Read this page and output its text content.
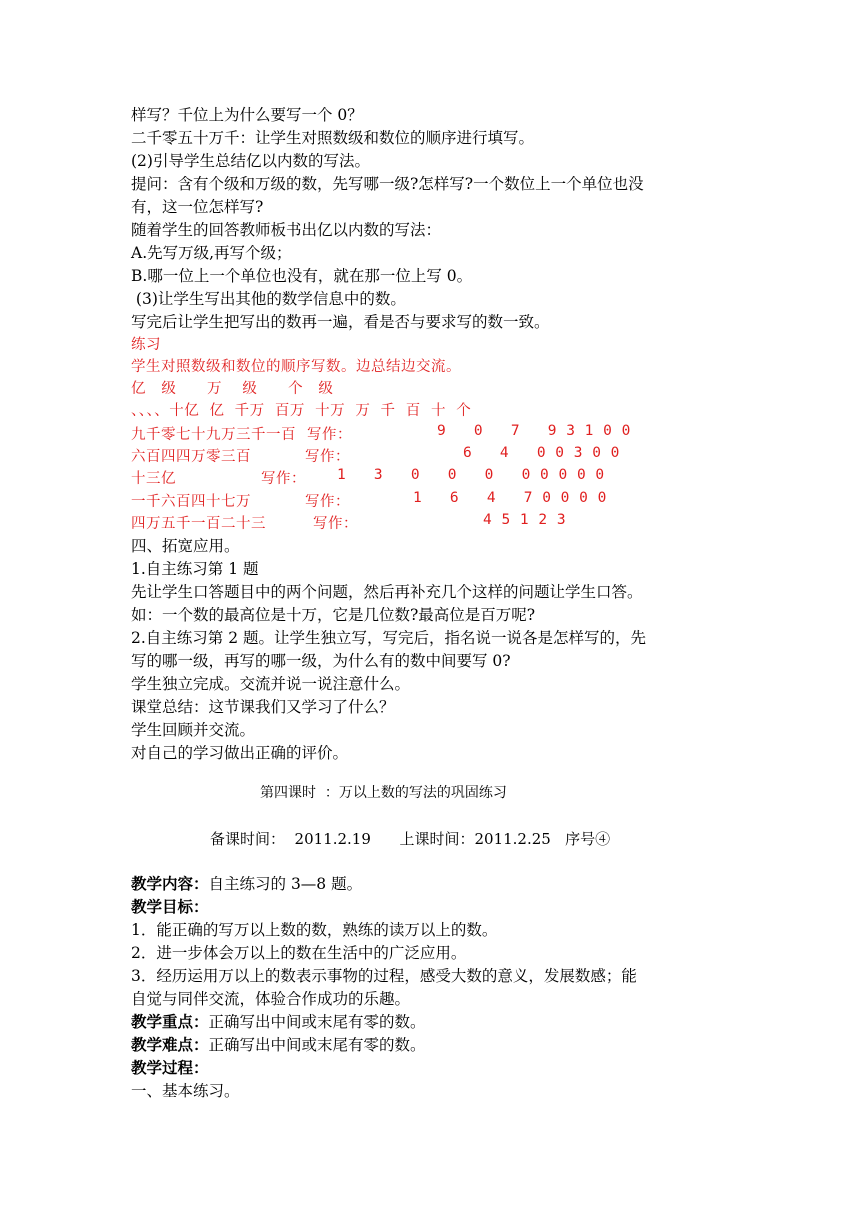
样写？千位上为什么要写一个 0？
二千零五十万千：让学生对照数级和数位的顺序进行填写。
(2)引导学生总结亿以内数的写法。
提问：含有个级和万级的数，先写哪一级?怎样写?一个数位上一个单位也没
有，这一位怎样写?
随着学生的回答教师板书出亿以内数的写法：
A.先写万级,再写个级；
B.哪一位上一个单位也没有，就在那一位上写 0。
(3)让学生写出其他的数学信息中的数。
写完后让学生把写出的数再一遍，看是否与要求写的数一致。
练习
学生对照数级和数位的顺序写数。边总结边交流。
亿   级      万    级      个   级
、、、、十亿  亿  千万  百万  十万  万  千  百  十  个
九千零七十九万三千一百 写作：	9   0   7   9 3 1 0 0
六百四四万零三百	写作：	6   4   0 0 3 0 0
十三亿	写作： 1   3   0   0   0   0 0 0 0 0
一千六百四十七万	写作：	1   6   4   7 0 0 0 0
四万五千一百二十三	写作：	4 5 1 2 3
四、拓宽应用。
1.自主练习第 1 题
先让学生口答题目中的两个问题，然后再补充几个这样的问题让学生口答。
如：一个数的最高位是十万，它是几位数?最高位是百万呢?
2.自主练习第 2 题。让学生独立写，写完后，指名说一说各是怎样写的，先
写的哪一级，再写的哪一级，为什么有的数中间要写 0?
学生独立完成。交流并说一说注意什么。
课堂总结：这节课我们又学习了什么？
学生回顾并交流。
对自己的学习做出正确的评价。
第四课时  ：万以上数的写法的巩固练习
备课时间：  2011.2.19      上课时间：2011.2.25   序号④
教学内容：自主练习的 3—8 题。
教学目标：
1．能正确的写万以上数的数，熟练的读万以上的数。
2．进一步体会万以上的数在生活中的广泛应用。
3．经历运用万以上的数表示事物的过程，感受大数的意义，发展数感；能
自觉与同伴交流，体验合作成功的乐趣。
教学重点：正确写出中间或末尾有零的数。
教学难点：正确写出中间或末尾有零的数。
教学过程：
一、基本练习。
